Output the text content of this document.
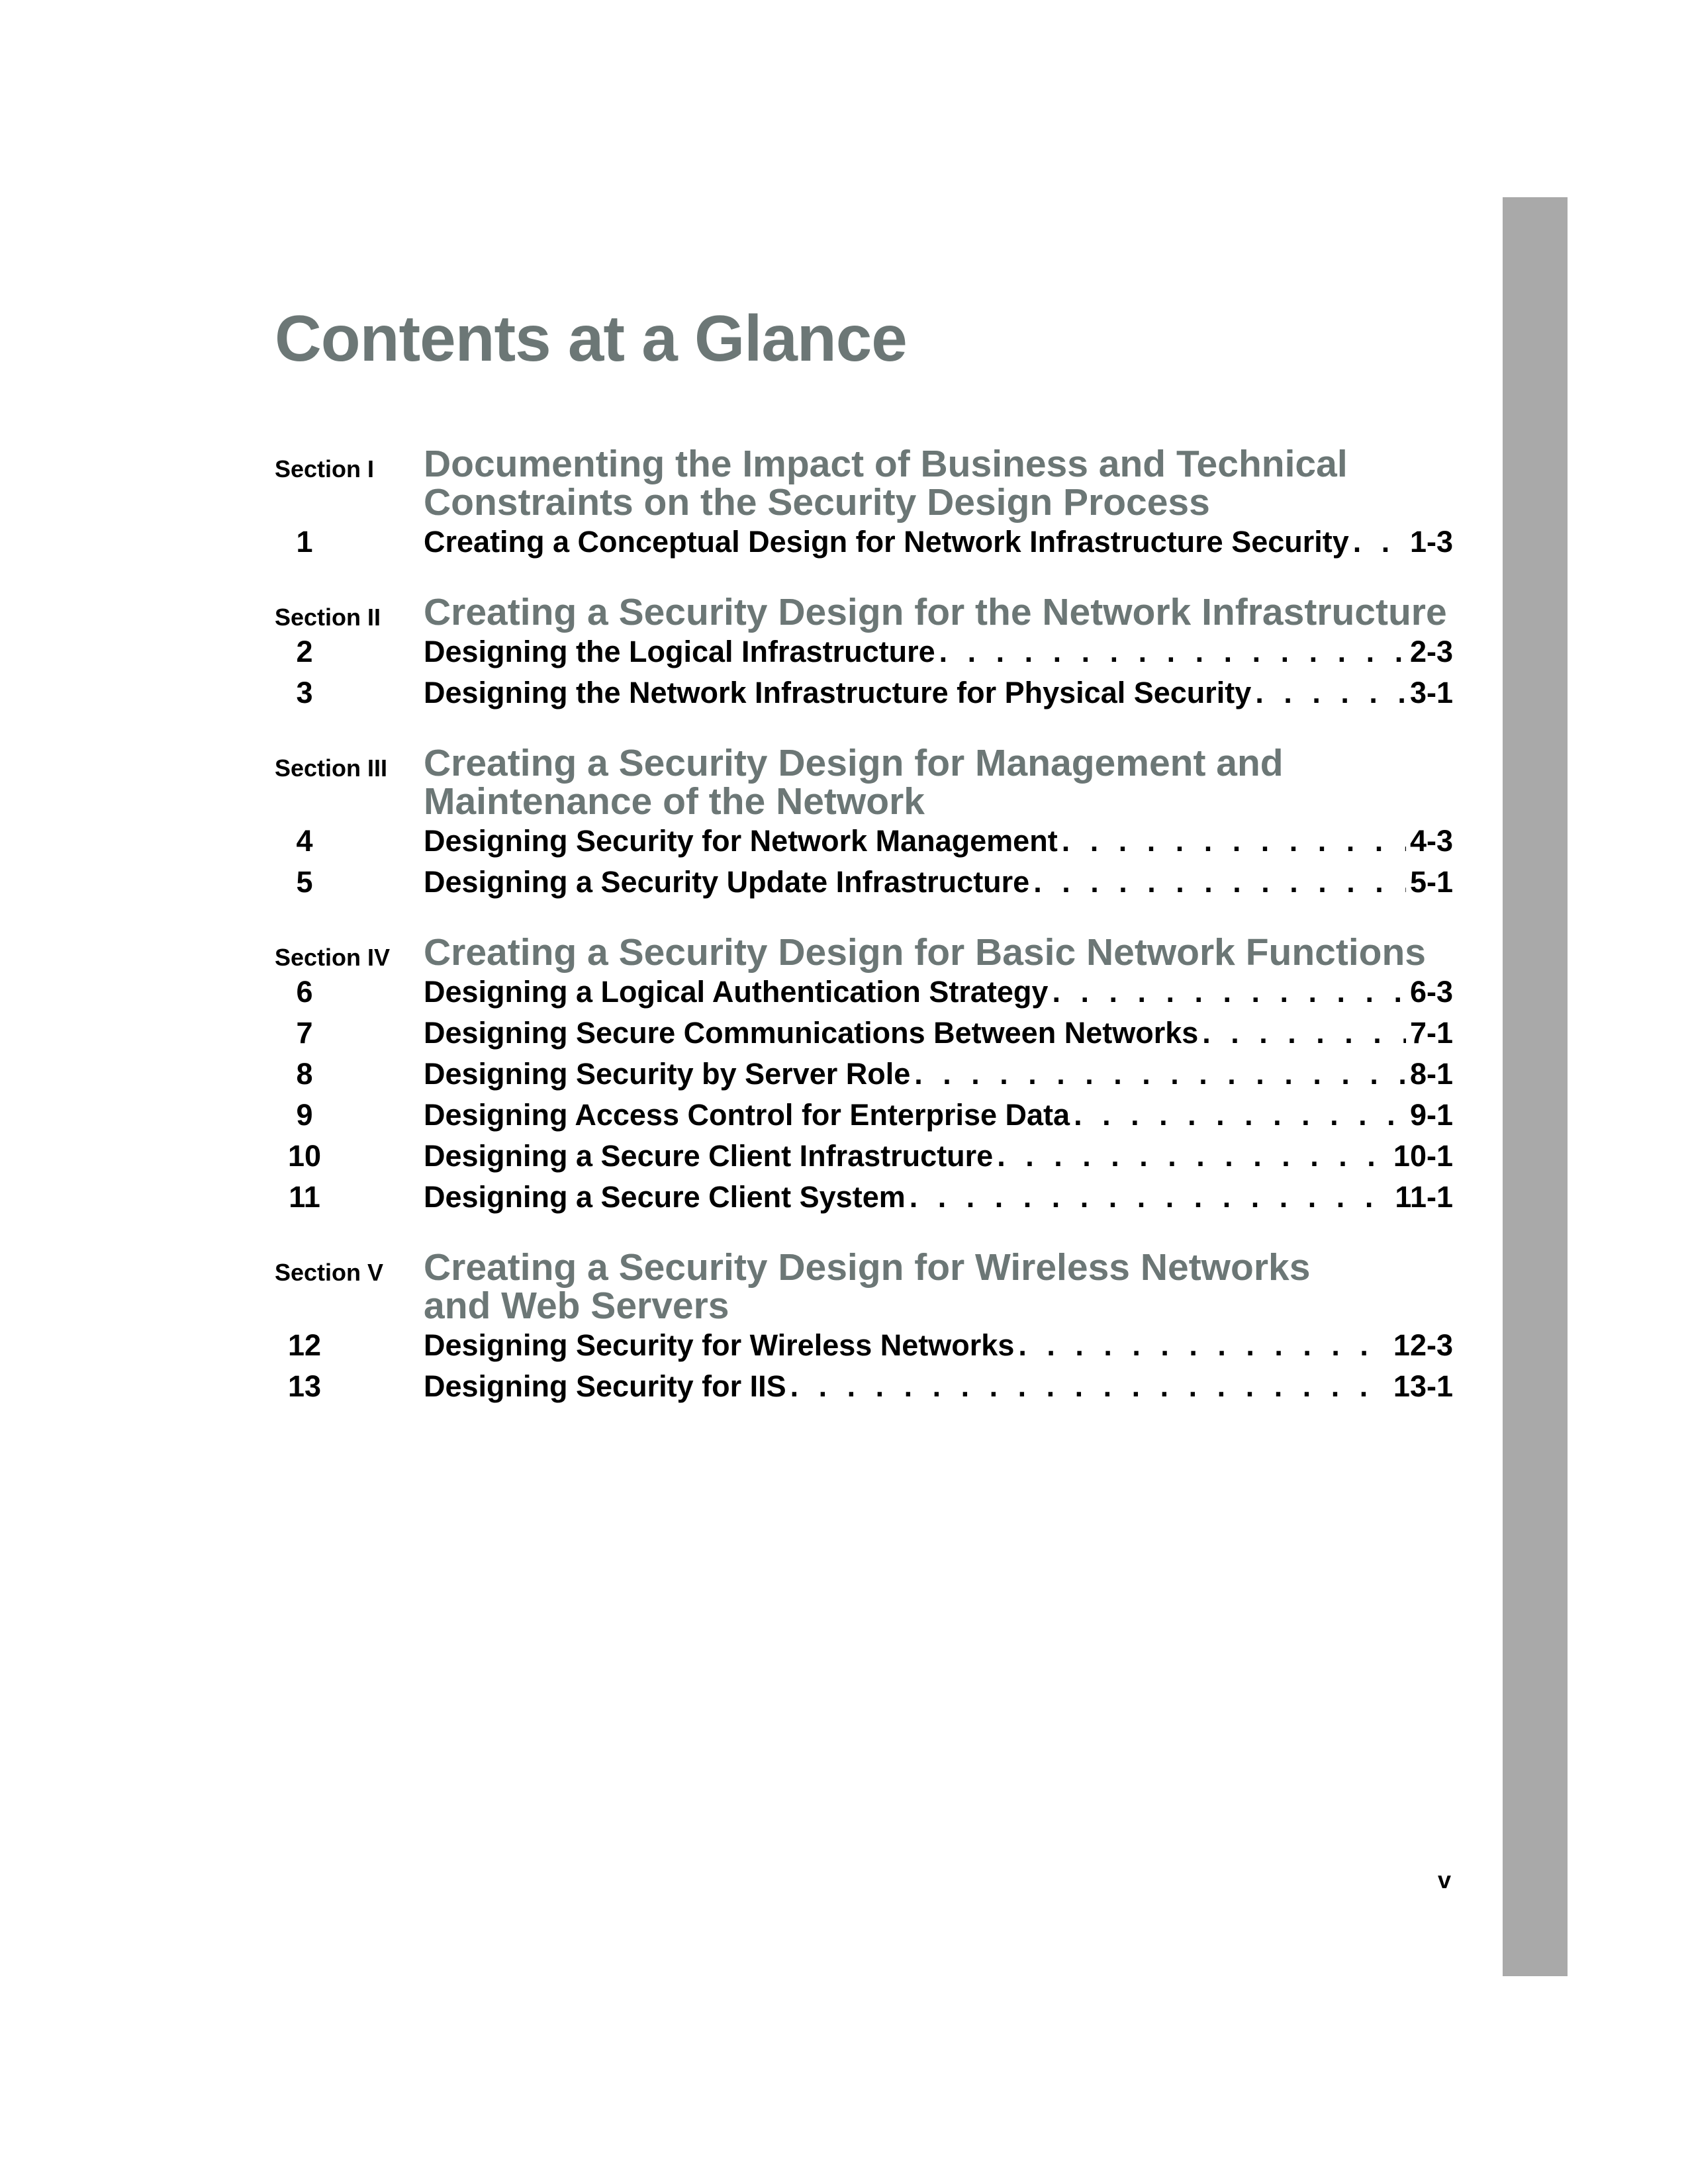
Contents at a Glance
Section I	Documenting the Impact of Business and Technical
Constraints on the Security Design Process
1	Creating a Conceptual Design for Network Infrastructure Security . . . 1-3
Section II	Creating a Security Design for the Network Infrastructure
2	Designing the Logical Infrastructure . . .	2-3
3	Designing the Network Infrastructure for Physical Security . . .	3-1
Section III Creating a Security Design for Management and
Maintenance of the Network
4	Designing Security for Network Management . . .	4-3
5	Designing a Security Update Infrastructure . . .	5-1
Section IV Creating a Security Design for Basic Network Functions
6	Designing a Logical Authentication Strategy . . .	6-3
7	Designing Secure Communications Between Networks . . .	7-1
8	Designing Security by Server Role . . .	8-1
9	Designing Access Control for Enterprise Data . . .	9-1
10	Designing a Secure Client Infrastructure . . .	10-1
11	Designing a Secure Client System . . .	11-1
Section V	Creating a Security Design for Wireless Networks
and Web Servers
12	Designing Security for Wireless Networks . . .	12-3
13	Designing Security for IIS . . .	13-1
v
